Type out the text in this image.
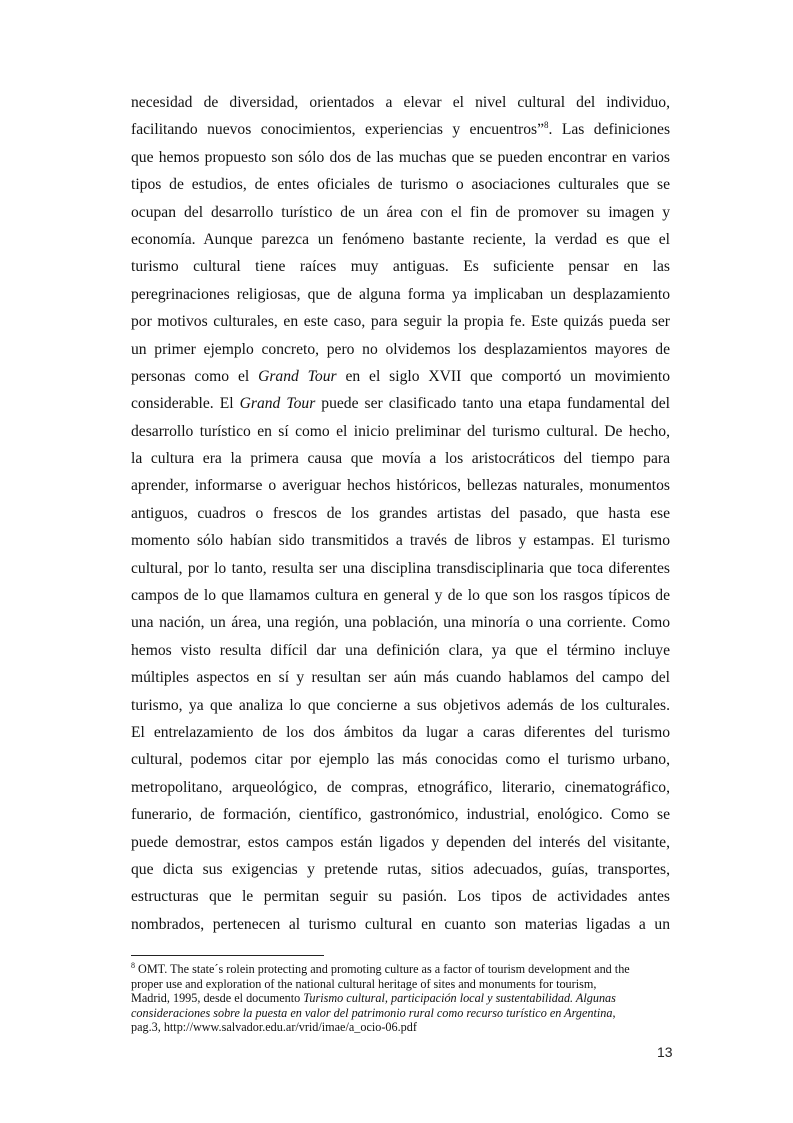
necesidad de diversidad, orientados a elevar el nivel cultural del individuo,
facilitando nuevos conocimientos, experiencias y encuentros”$^8$. Las definiciones
que hemos propuesto son sólo dos de las muchas que se pueden encontrar en varios
tipos de estudios, de entes oficiales de turismo o asociaciones culturales que se
ocupan del desarrollo turístico de un área con el fin de promover su imagen y
economía. Aunque parezca un fenómeno bastante reciente, la verdad es que el
turismo cultural tiene raíces muy antiguas. Es suficiente pensar en las
peregrinaciones religiosas, que de alguna forma ya implicaban un desplazamiento
por motivos culturales, en este caso, para seguir la propia fe. Este quizás pueda ser
un primer ejemplo concreto, pero no olvidemos los desplazamientos mayores de
personas como el Grand Tour en el siglo XVII que comportó un movimiento
considerable. El Grand Tour puede ser clasificado tanto una etapa fundamental del
desarrollo turístico en sí como el inicio preliminar del turismo cultural. De hecho,
la cultura era la primera causa que movía a los aristocráticos del tiempo para
aprender, informarse o averiguar hechos históricos, bellezas naturales, monumentos
antiguos, cuadros o frescos de los grandes artistas del pasado, que hasta ese
momento sólo habían sido transmitidos a través de libros y estampas. El turismo
cultural, por lo tanto, resulta ser una disciplina transdisciplinaria que toca diferentes
campos de lo que llamamos cultura en general y de lo que son los rasgos típicos de
una nación, un área, una región, una población, una minoría o una corriente. Como
hemos visto resulta difícil dar una definición clara, ya que el término incluye
múltiples aspectos en sí y resultan ser aún más cuando hablamos del campo del
turismo, ya que analiza lo que concierne a sus objetivos además de los culturales.
El entrelazamiento de los dos ámbitos da lugar a caras diferentes del turismo
cultural, podemos citar por ejemplo las más conocidas como el turismo urbano,
metropolitano, arqueológico, de compras, etnográfico, literario, cinematográfico,
funerario, de formación, científico, gastronómico, industrial, enológico. Como se
puede demostrar, estos campos están ligados y dependen del interés del visitante,
que dicta sus exigencias y pretende rutas, sitios adecuados, guías, transportes,
estructuras que le permitan seguir su pasión. Los tipos de actividades antes
nombrados, pertenecen al turismo cultural en cuanto son materias ligadas a un
$^8$ OMT. The state´s rolein protecting and promoting culture as a factor of tourism development and the
proper use and exploration of the national cultural heritage of sites and monuments for tourism,
Madrid, 1995, desde el documento Turismo cultural, participación local y sustentabilidad. Algunas
consideraciones sobre la puesta en valor del patrimonio rural como recurso turístico en Argentina,
pag.3, http://www.salvador.edu.ar/vrid/imae/a_ocio-06.pdf
13
